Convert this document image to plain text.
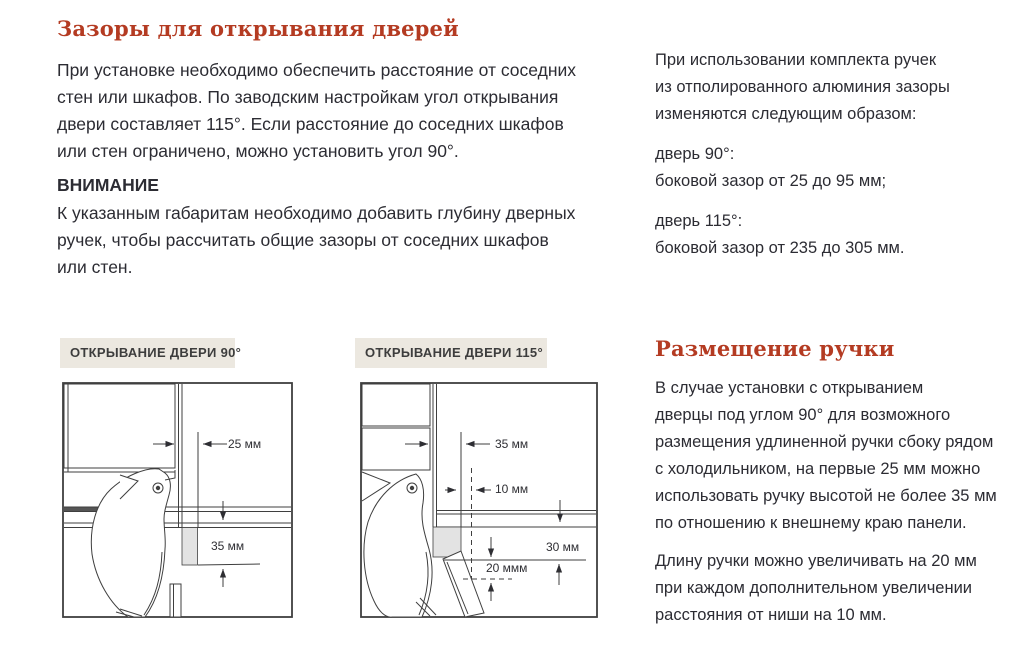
Зазоры для открывания дверей
При установке необходимо обеспечить расстояние от соседних
стен или шкафов. По заводским настройкам угол открывания
двери составляет 115°. Если расстояние до соседних шкафов
или стен ограничено, можно установить угол 90°.
ВНИМАНИЕ
К указанным габаритам необходимо добавить глубину дверных
ручек, чтобы рассчитать общие зазоры от соседних шкафов
или стен.
ОТКРЫВАНИЕ ДВЕРИ 90°	ОТКРЫВАНИЕ ДВЕРИ 115°
25 мм
35 мм
35 мм
10 мм
30 мм
20 ммм
При использовании комплекта ручек
из отполированного алюминия зазоры
изменяются следующим образом:
дверь 90°:
боковой зазор от 25 до 95 мм;
дверь 115°:
боковой зазор от 235 до 305 мм.
Размещение ручки
В случае установки с открыванием
дверцы под углом 90° для возможного
размещения удлиненной ручки сбоку рядом
с холодильником, на первые 25 мм можно
использовать ручку высотой не более 35 мм
по отношению к внешнему краю панели.
Длину ручки можно увеличивать на 20 мм
при каждом дополнительном увеличении
расстояния от ниши на 10 мм.
